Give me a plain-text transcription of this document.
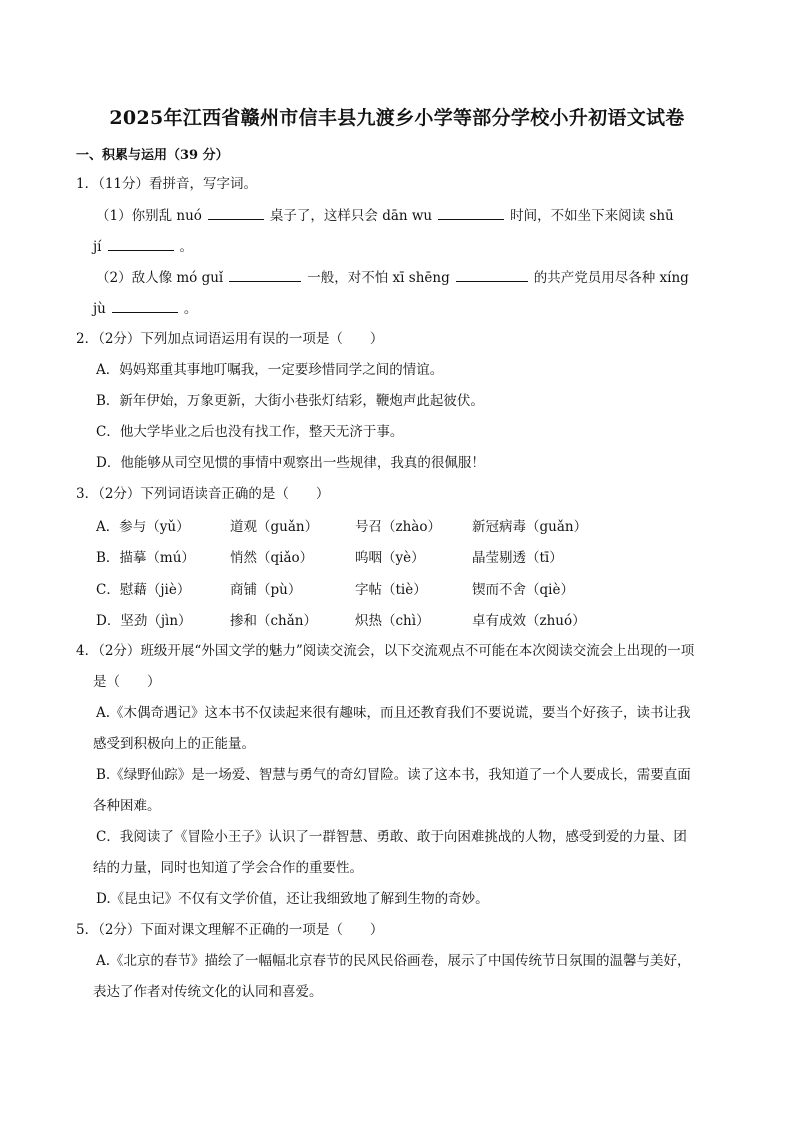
2025年江西省赣州市信丰县九渡乡小学等部分学校小升初语文试卷
一、积累与运用（39 分）
1．（11分）看拼音，写字词。
（1）你别乱 nuó	桌子了，这样只会 dān wu	时间，不如坐下来阅读 shū
jí	。
（2）敌人像 mó guǐ	一般，对不怕 xī shēng	的共产党员用尽各种 xíng
jù	。
2．（2分）下列加点词语运用有误的一项是（　　）
A．妈妈郑重其事地叮嘱我，一定要珍惜同学之间的情谊。
B．新年伊始，万象更新，大街小巷张灯结彩，鞭炮声此起彼伏。
C．他大学毕业之后也没有找工作，整天无济于事。
D．他能够从司空见惯的事情中观察出一些规律，我真的很佩服！
3．（2分）下列词语读音正确的是（　　）
A．参与（yǔ）	道观（guǎn）	号召（zhào） 新冠病毒（guǎn）
B．描摹（mú）	悄然（qiǎo）	呜咽（yè）	晶莹剔透（tī）
C．慰藉（jiè）	商铺（pù）	字帖（tiè）	锲而不舍（qiè）
D．坚劲（jìn）	掺和（chǎn）	炽热（chì）	卓有成效（zhuó）
4．（2分）班级开展“外国文学的魅力”阅读交流会，以下交流观点不可能在本次阅读交流会上出现的一项
是（　　）
A.《木偶奇遇记》这本书不仅读起来很有趣味，而且还教育我们不要说谎，要当个好孩子，读书让我
感受到积极向上的正能量。
B.《绿野仙踪》是一场爱、智慧与勇气的奇幻冒险。读了这本书，我知道了一个人要成长，需要直面
各种困难。
C．我阅读了《冒险小王子》认识了一群智慧、勇敢、敢于向困难挑战的人物，感受到爱的力量、团
结的力量，同时也知道了学会合作的重要性。
D.《昆虫记》不仅有文学价值，还让我细致地了解到生物的奇妙。
5．（2分）下面对课文理解不正确的一项是（　　）
A.《北京的春节》描绘了一幅幅北京春节的民风民俗画卷，展示了中国传统节日氛围的温馨与美好，
表达了作者对传统文化的认同和喜爱。
